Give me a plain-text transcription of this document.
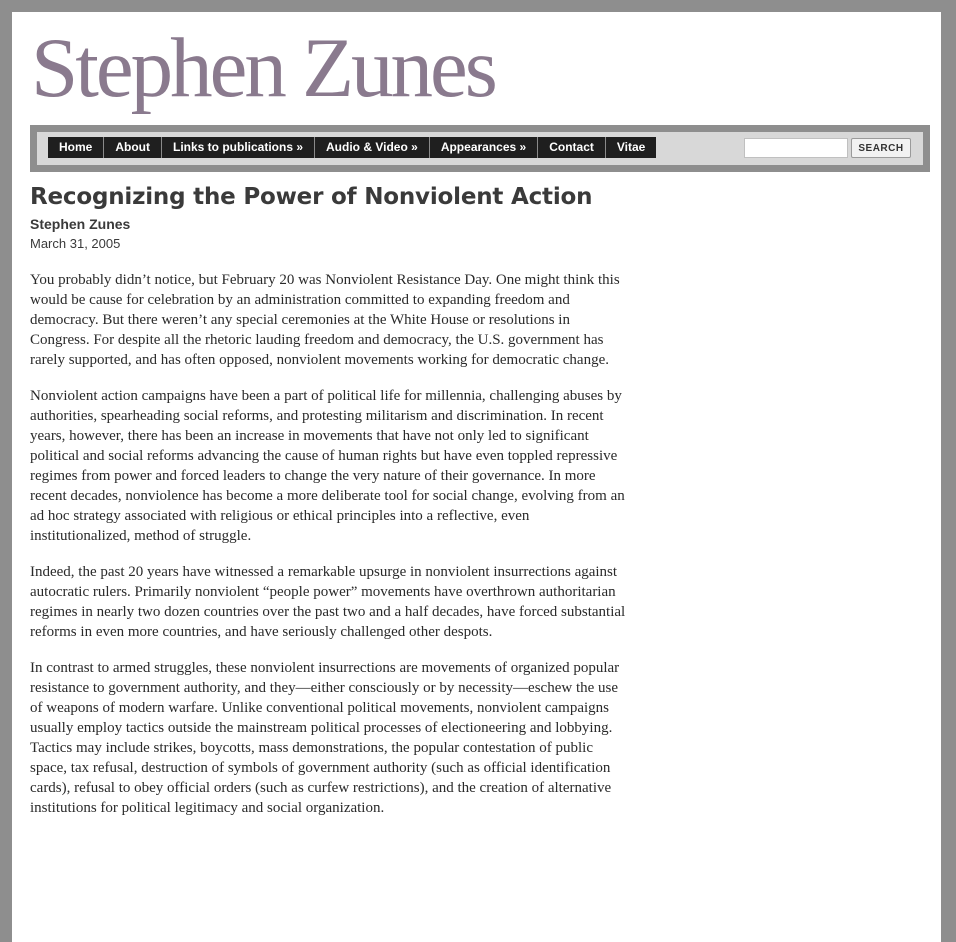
Stephen Zunes
Home	About	Links to publications »	Audio & Video »	Appearances »	Contact	Vitae	SEARCH
Recognizing the Power of Nonviolent Action
Stephen Zunes
March 31, 2005

You probably didn’t notice, but February 20 was Nonviolent Resistance Day. One might think this would be cause for celebration by an administration committed to expanding freedom and democracy. But there weren’t any special ceremonies at the White House or resolutions in Congress. For despite all the rhetoric lauding freedom and democracy, the U.S. government has rarely supported, and has often opposed, nonviolent movements working for democratic change.

Nonviolent action campaigns have been a part of political life for millennia, challenging abuses by authorities, spearheading social reforms, and protesting militarism and discrimination. In recent years, however, there has been an increase in movements that have not only led to significant political and social reforms advancing the cause of human rights but have even toppled repressive regimes from power and forced leaders to change the very nature of their governance. In more recent decades, nonviolence has become a more deliberate tool for social change, evolving from an ad hoc strategy associated with religious or ethical principles into a reflective, even institutionalized, method of struggle.

Indeed, the past 20 years have witnessed a remarkable upsurge in nonviolent insurrections against autocratic rulers. Primarily nonviolent “people power” movements have overthrown authoritarian regimes in nearly two dozen countries over the past two and a half decades, have forced substantial reforms in even more countries, and have seriously challenged other despots.

In contrast to armed struggles, these nonviolent insurrections are movements of organized popular resistance to government authority, and they—either consciously or by necessity—eschew the use of weapons of modern warfare. Unlike conventional political movements, nonviolent campaigns usually employ tactics outside the mainstream political processes of electioneering and lobbying. Tactics may include strikes, boycotts, mass demonstrations, the popular contestation of public space, tax refusal, destruction of symbols of government authority (such as official identification cards), refusal to obey official orders (such as curfew restrictions), and the creation of alternative institutions for political legitimacy and social organization.
